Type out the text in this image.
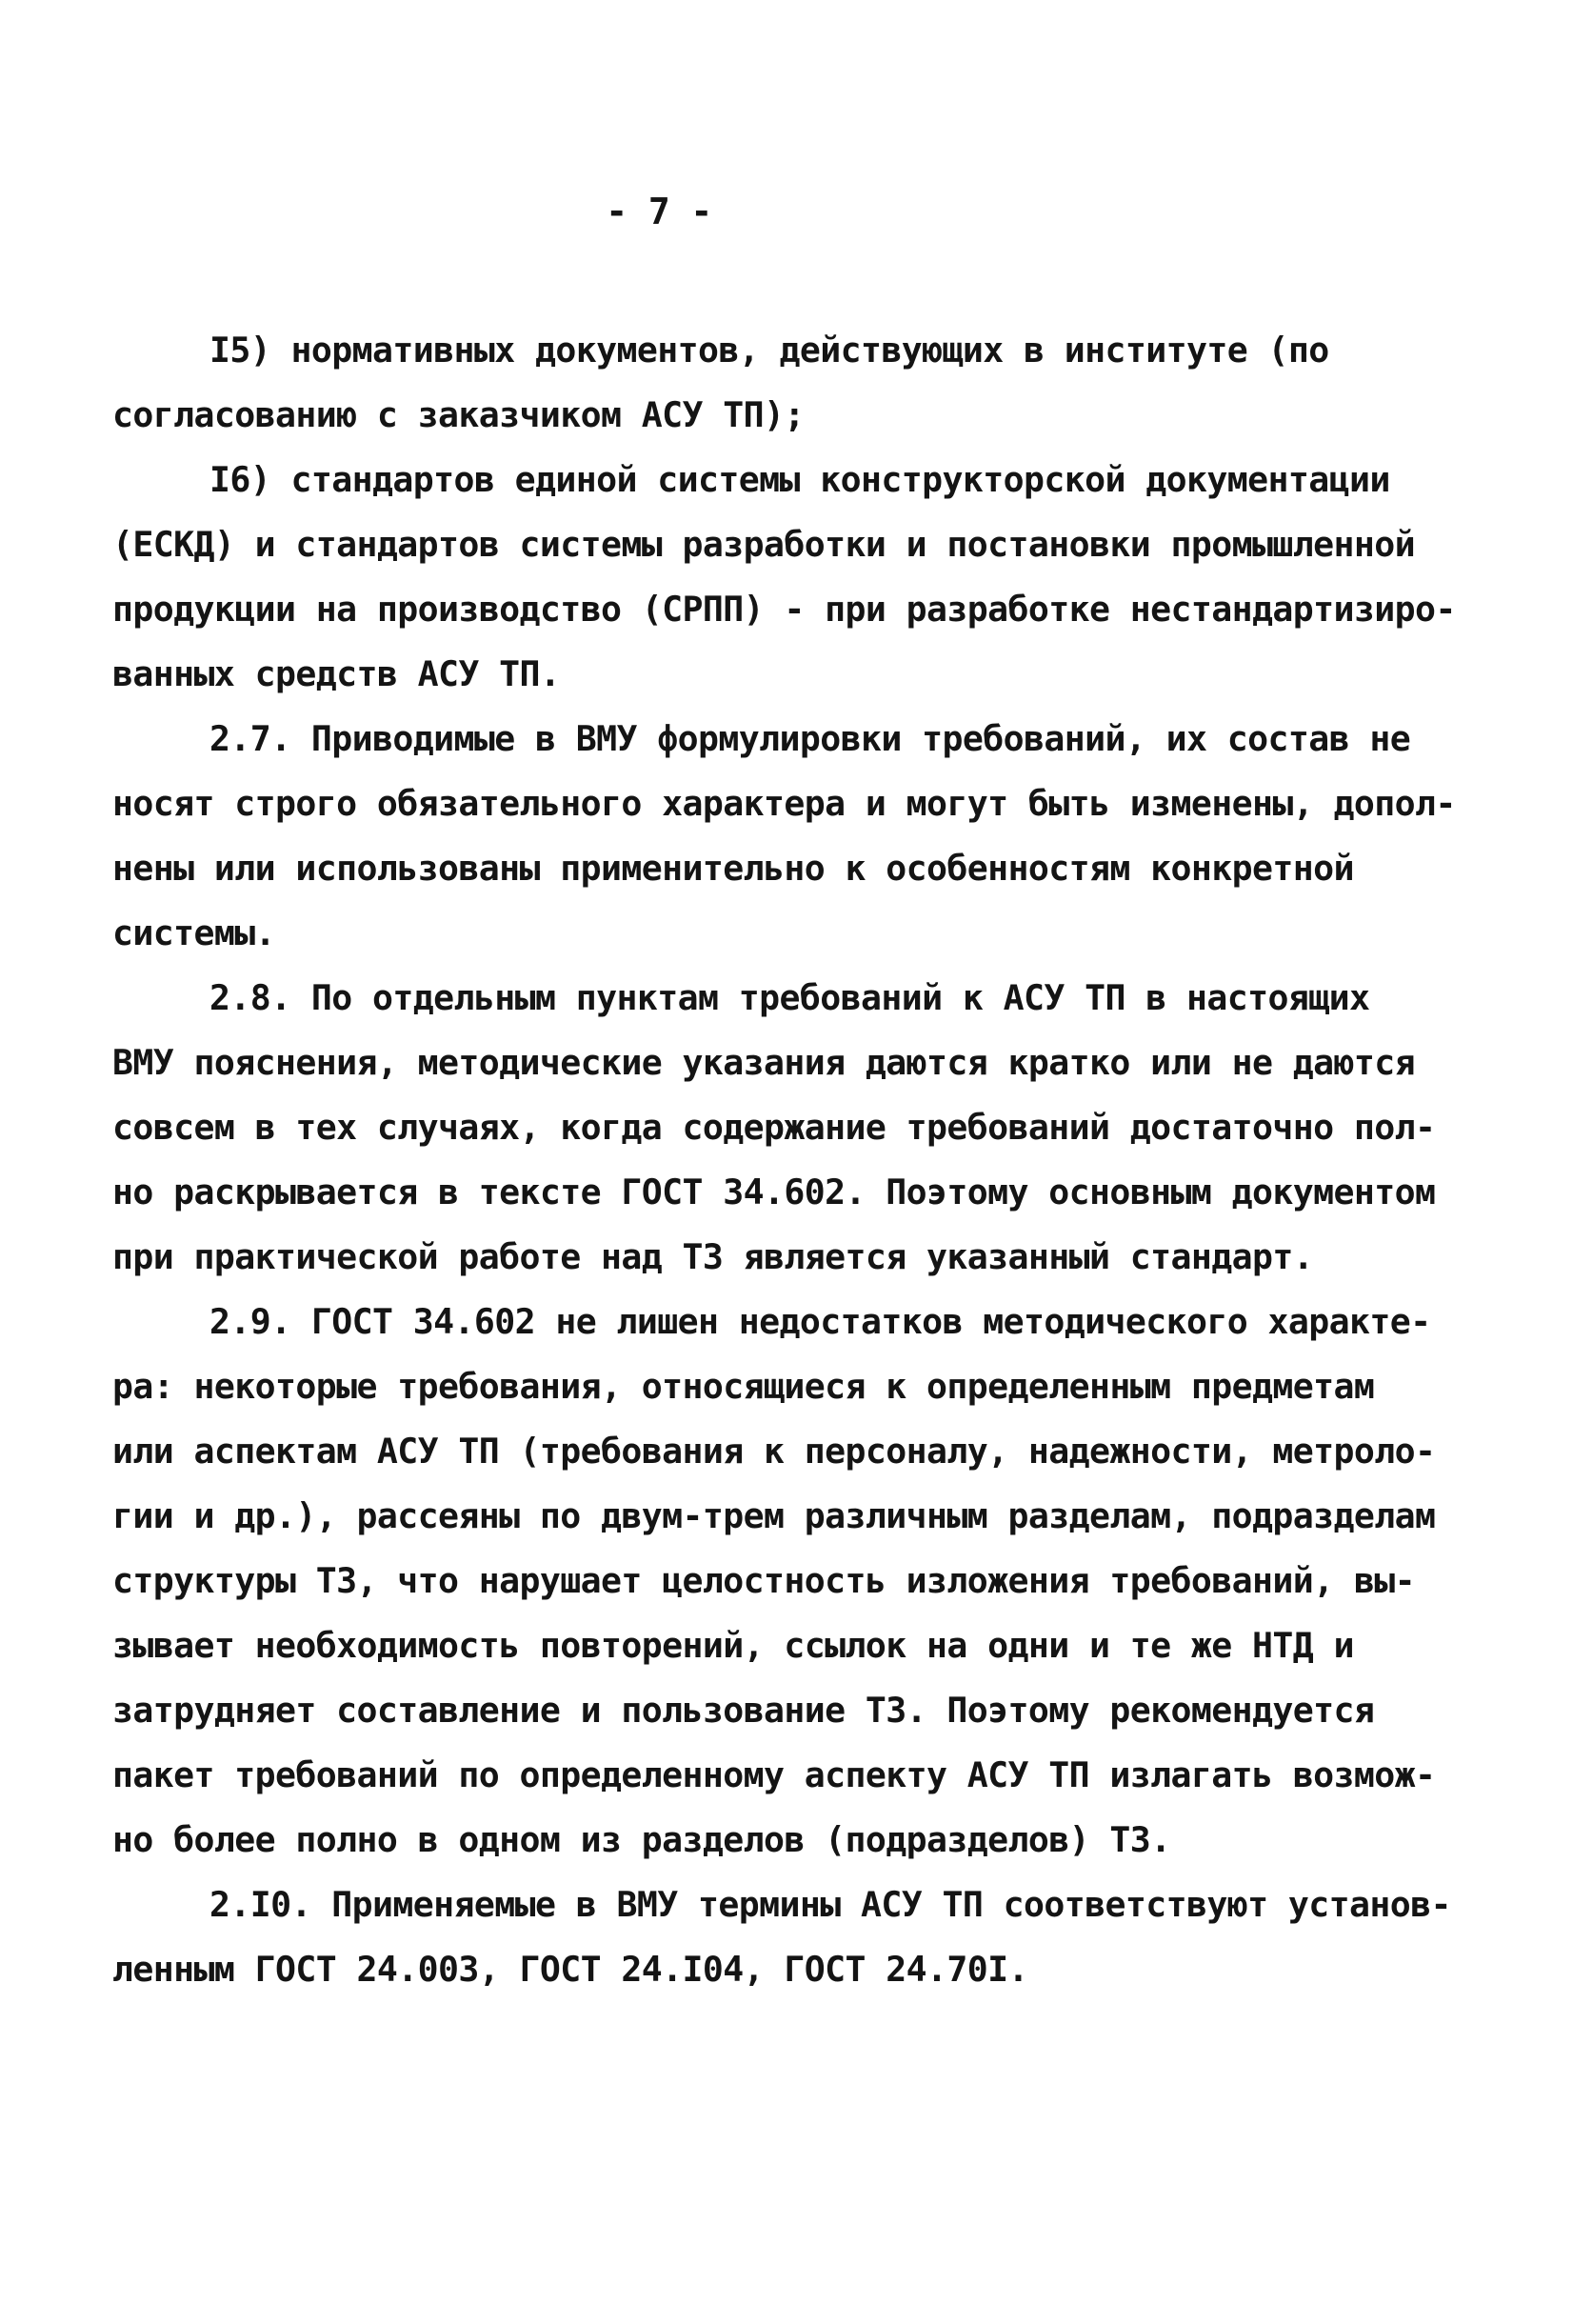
- 7 -
I5) нормативных документов, действующих в институте (по
согласованию с заказчиком АСУ ТП);
I6) стандартов единой системы конструкторской документации
(ЕСКД) и стандартов системы разработки и постановки промышленной
продукции на производство (СРПП) - при разработке нестандартизиро-
ванных средств АСУ ТП.
2.7. Приводимые в ВМУ формулировки требований, их состав не
носят строго обязательного характера и могут быть изменены, допол-
нены или использованы применительно к особенностям конкретной
системы.
2.8. По отдельным пунктам требований к АСУ ТП в настоящих
ВМУ пояснения, методические указания даются кратко или не даются
совсем в тех случаях, когда содержание требований достаточно пол-
но раскрывается в тексте ГОСТ 34.602. Поэтому основным документом
при практической работе над ТЗ является указанный стандарт.
2.9. ГОСТ 34.602 не лишен недостатков методического характе-
ра: некоторые требования, относящиеся к определенным предметам
или аспектам АСУ ТП (требования к персоналу, надежности, метроло-
гии и др.), рассеяны по двум-трем различным разделам, подразделам
структуры ТЗ, что нарушает целостность изложения требований, вы-
зывает необходимость повторений, ссылок на одни и те же НТД и
затрудняет составление и пользование ТЗ. Поэтому рекомендуется
пакет требований по определенному аспекту АСУ ТП излагать возмож-
но более полно в одном из разделов (подразделов) ТЗ.
2.I0. Применяемые в ВМУ термины АСУ ТП соответствуют установ-
ленным ГОСТ 24.003, ГОСТ 24.I04, ГОСТ 24.70I.
